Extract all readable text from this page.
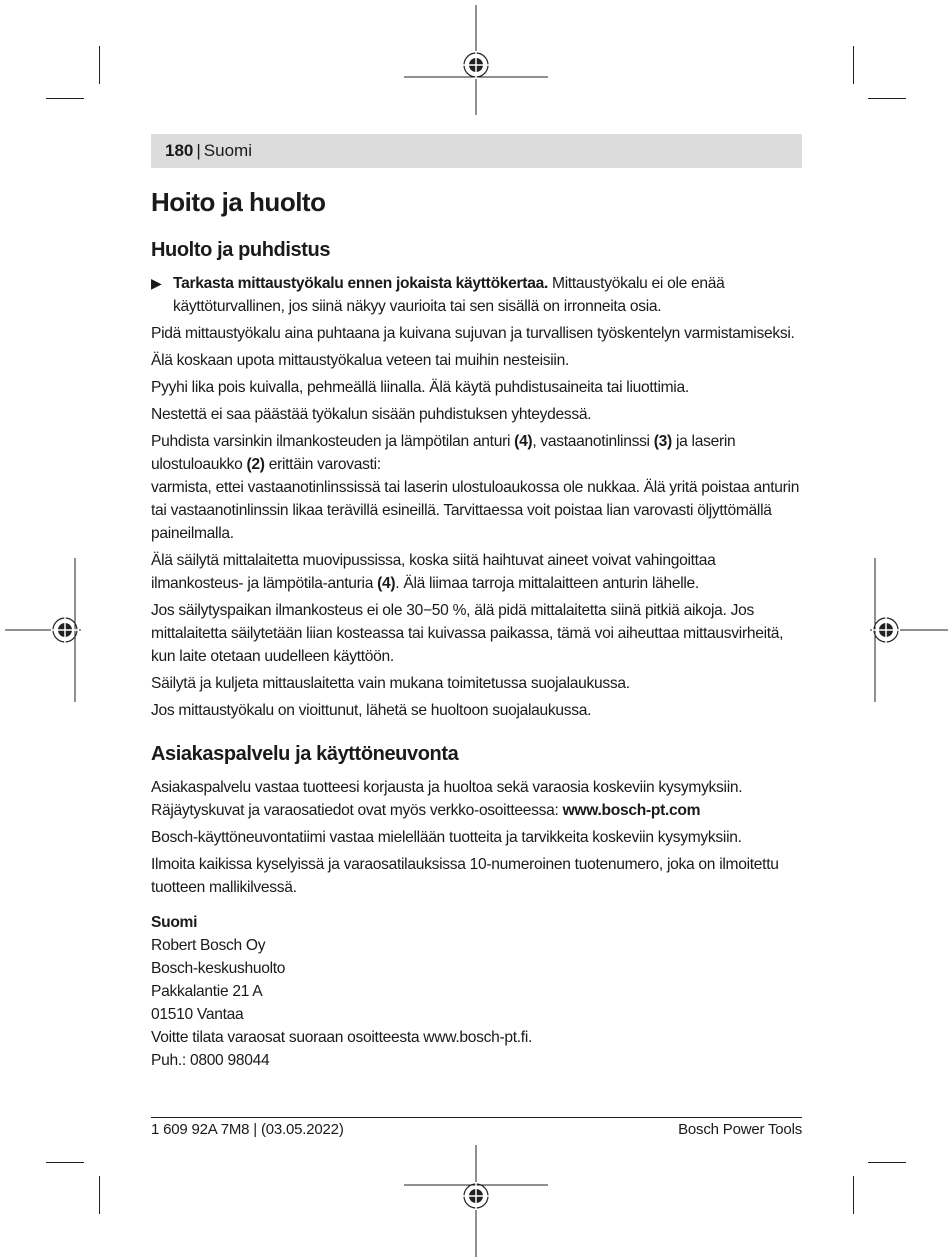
180 | Suomi
Hoito ja huolto
Huolto ja puhdistus
▶ Tarkasta mittaustyökalu ennen jokaista käyttökertaa. Mittaustyökalu ei ole enää käyttöturvallinen, jos siinä näkyy vaurioita tai sen sisällä on irronneita osia.

Pidä mittaustyökalu aina puhtaana ja kuivana sujuvan ja turvallisen työskentelyn varmistamiseksi.

Älä koskaan upota mittaustyökalua veteen tai muihin nesteisiin.

Pyyhi lika pois kuivalla, pehmeällä liinalla. Älä käytä puhdistusaineita tai liuottimia.

Nestettä ei saa päästää työkalun sisään puhdistuksen yhteydessä.

Puhdista varsinkin ilmankosteuden ja lämpötilan anturi (4), vastaanotinlinssi (3) ja laserin ulostuloaukko (2) erittäin varovasti:
varmista, ettei vastaanotinlinssissä tai laserin ulostuloaukossa ole nukkaa. Älä yritä poistaa anturin tai vastaanotinlinssin likaa terävillä esineillä. Tarvittaessa voit poistaa lian varovasti öljyttömällä paineilmalla.

Älä säilytä mittalaitetta muovipussissa, koska siitä haihtuvat aineet voivat vahingoittaa ilmankosteus- ja lämpötila-anturia (4). Älä liimaa tarroja mittalaitteen anturin lähelle.

Jos säilytyspaikan ilmankosteus ei ole 30−50 %, älä pidä mittalaitetta siinä pitkiä aikoja. Jos mittalaitetta säilytetään liian kosteassa tai kuivassa paikassa, tämä voi aiheuttaa mittausvirheitä, kun laite otetaan uudelleen käyttöön.

Säilytä ja kuljeta mittauslaitetta vain mukana toimitetussa suojalaukussa.

Jos mittaustyökalu on vioittunut, lähetä se huoltoon suojalaukussa.

Asiakaspalvelu ja käyttöneuvonta

Asiakaspalvelu vastaa tuotteesi korjausta ja huoltoa sekä varaosia koskeviin kysymyksiin. Räjäytyskuvat ja varaosatiedot ovat myös verkko-osoitteessa: www.bosch-pt.com

Bosch-käyttöneuvontatiimi vastaa mielellään tuotteita ja tarvikkeita koskeviin kysymyksiin.

Ilmoita kaikissa kyselyissä ja varaosatilauksissa 10-numeroinen tuotenumero, joka on ilmoitettu tuotteen mallikilvessä.

Suomi

Robert Bosch Oy

Bosch-keskushuolto

Pakkalantie 21 A

01510 Vantaa

Voitte tilata varaosat suoraan osoitteesta www.bosch-pt.fi.

Puh.: 0800 98044

1 609 92A 7M8 | (03.05.2022)	Bosch Power Tools
